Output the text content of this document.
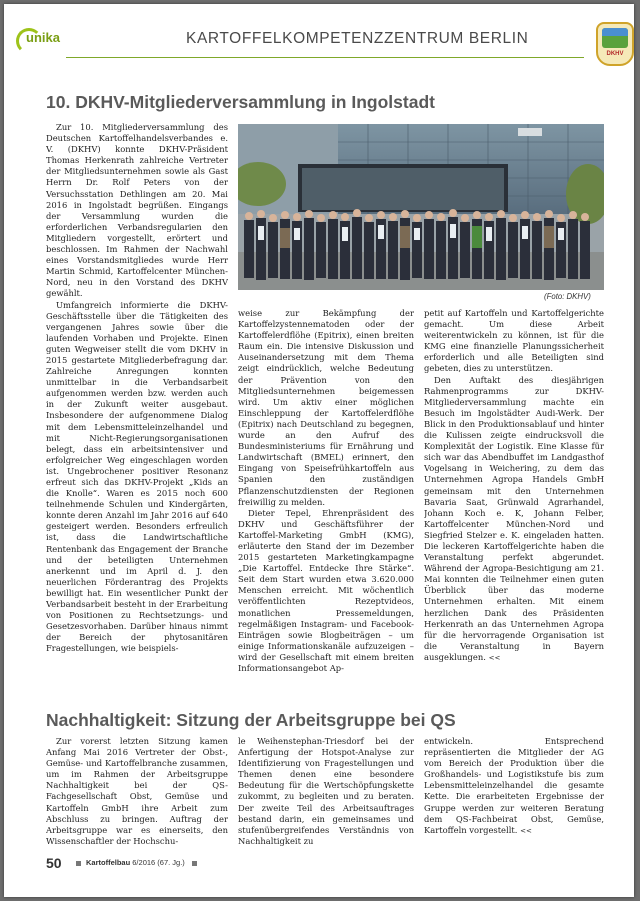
unika	KARTOFFELKOMPETENZZENTRUM BERLIN
DKHV
10. DKHV-Mitgliederversammlung in Ingolstadt

Zur 10. Mitgliederversammlung des Deutschen Kartoffelhandelsverbandes e. V. (DKHV) konnte DKHV-Präsident Thomas Herkenrath zahlreiche Vertreter der Mitgliedsunternehmen sowie als Gast Herrn Dr. Rolf Peters von der Versuchsstation Dethlingen am 20. Mai 2016 in Ingolstadt begrüßen. Eingangs der Versammlung wurden die erforderlichen Verbandsregularien den Mitgliedern vorgestellt, erörtert und beschlossen. Im Rahmen der Nachwahl eines Vorstandsmitgliedes wurde Herr Martin Schmid, Kartoffelcenter München-Nord, neu in den Vorstand des DKHV gewählt.

Umfangreich informierte die DKHV-Geschäftsstelle über die Tätigkeiten des vergangenen Jahres sowie über die laufenden Vorhaben und Projekte. Einen guten Wegweiser stellt die vom DKHV in 2015 gestartete Mitgliederbefragung dar. Zahlreiche Anregungen konnten unmittelbar in die Verbandsarbeit aufgenommen werden bzw. werden auch in der Zukunft weiter ausgebaut. Insbesondere der aufgenommene Dialog mit dem Lebensmitteleinzelhandel und mit Nicht-Regierungsorganisationen belegt, dass ein arbeitsintensiver und erfolgreicher Weg eingeschlagen worden ist. Ungebrochener positiver Resonanz erfreut sich das DKHV-Projekt „Kids an die Knolle“. Waren es 2015 noch 600 teilnehmende Schulen und Kindergärten, konnte deren Anzahl im Jahr 2016 auf 640 gesteigert werden. Besonders erfreulich ist, dass die Landwirtschaftliche Rentenbank das Engagement der Branche und der beteiligten Unternehmen anerkennt und im April d. J. den neuerlichen Förderantrag des Projekts bewilligt hat. Ein wesentlicher Punkt der Verbandsarbeit besteht in der Erarbeitung von Positionen zu Rechtsetzungs- und Gesetzesvorhaben. Darüber hinaus nimmt der Bereich der phytosanitären Fragestellungen, wie beispiels-

(Foto: DKHV)

weise zur Bekämpfung der Kartoffelzystennematoden oder der Kartoffelerdflöhe (Epitrix), einen breiten Raum ein. Die intensive Diskussion und Auseinandersetzung mit dem Thema zeigt eindrücklich, welche Bedeutung der Prävention von den Mitgliedsunternehmen beigemessen wird. Um aktiv einer möglichen Einschleppung der Kartoffelerdflöhe (Epitrix) nach Deutschland zu begegnen, wurde an den Aufruf des Bundesministeriums für Ernährung und Landwirtschaft (BMEL) erinnert, den Eingang von Speisefrühkartoffeln aus Spanien den zuständigen Pflanzenschutzdiensten der Regionen freiwillig zu melden.

Dieter Tepel, Ehrenpräsident des DKHV und Geschäftsführer der Kartoffel-Marketing GmbH (KMG), erläuterte den Stand der im Dezember 2015 gestarteten Marketingkampagne „Die Kartoffel. Entdecke Ihre Stärke“. Seit dem Start wurden etwa 3.620.000 Menschen erreicht. Mit wöchentlich veröffentlichten Rezeptvideos, monatlichen Pressemeldungen, regelmäßigen Instagram- und Facebook-Einträgen sowie Blogbeiträgen – um einige Informationskanäle aufzuzeigen – wird der Gesellschaft mit einem breiten Informationsangebot Ap-

petit auf Kartoffeln und Kartoffelgerichte gemacht. Um diese Arbeit weiterentwickeln zu können, ist für die KMG eine finanzielle Planungssicherheit erforderlich und alle Beteiligten sind gebeten, dies zu unterstützen.

Den Auftakt des diesjährigen Rahmenprogramms zur DKHV-Mitgliederversammlung machte ein Besuch im Ingolstädter Audi-Werk. Der Blick in den Produktionsablauf und hinter die Kulissen zeigte eindrucksvoll die Komplexität der Logistik. Eine Klasse für sich war das Abendbuffet im Landgasthof Vogelsang in Weichering, zu dem das Unternehmen Agropa Handels GmbH gemeinsam mit den Unternehmen Bavaria Saat, Grünwald Agrarhandel, Johann Koch e. K, Johann Felber, Kartoffelcenter München-Nord und Siegfried Stelzer e. K. eingeladen hatten. Die leckeren Kartoffelgerichte haben die Veranstaltung perfekt abgerundet. Während der Agropa-Besichtigung am 21. Mai konnten die Teilnehmer einen guten Überblick über das moderne Unternehmen erhalten. Mit einem herzlichen Dank des Präsidenten Herkenrath an das Unternehmen Agropa für die hervorragende Organisation ist die Veranstaltung in Bayern ausgeklungen. <<

Nachhaltigkeit: Sitzung der Arbeitsgruppe bei QS

Zur vorerst letzten Sitzung kamen Anfang Mai 2016 Vertreter der Obst-, Gemüse- und Kartoffelbranche zusammen, um im Rahmen der Arbeitsgruppe Nachhaltigkeit bei der QS-Fachgesellschaft Obst, Gemüse und Kartoffeln GmbH ihre Arbeit zum Abschluss zu bringen. Auftrag der Arbeitsgruppe war es einerseits, den Wissenschaftler der Hochschu-

le Weihenstephan-Triesdorf bei der Anfertigung der Hotspot-Analyse zur Identifizierung von Fragestellungen und Themen denen eine besondere Bedeutung für die Wertschöpfungskette zukommt, zu begleiten und zu beraten. Der zweite Teil des Arbeitsauftrages bestand darin, ein gemeinsames und stufenübergreifendes Verständnis von Nachhaltigkeit zu

entwickeln. Entsprechend repräsentierten die Mitglieder der AG vom Bereich der Produktion über die Großhandels- und Logistikstufe bis zum Lebensmitteleinzelhandel die gesamte Kette. Die erarbeiteten Ergebnisse der Gruppe werden zur weiteren Beratung dem QS-Fachbeirat Obst, Gemüse, Kartoffeln vorgestellt. <<

50	Kartoffelbau 6/2016 (67. Jg.)
